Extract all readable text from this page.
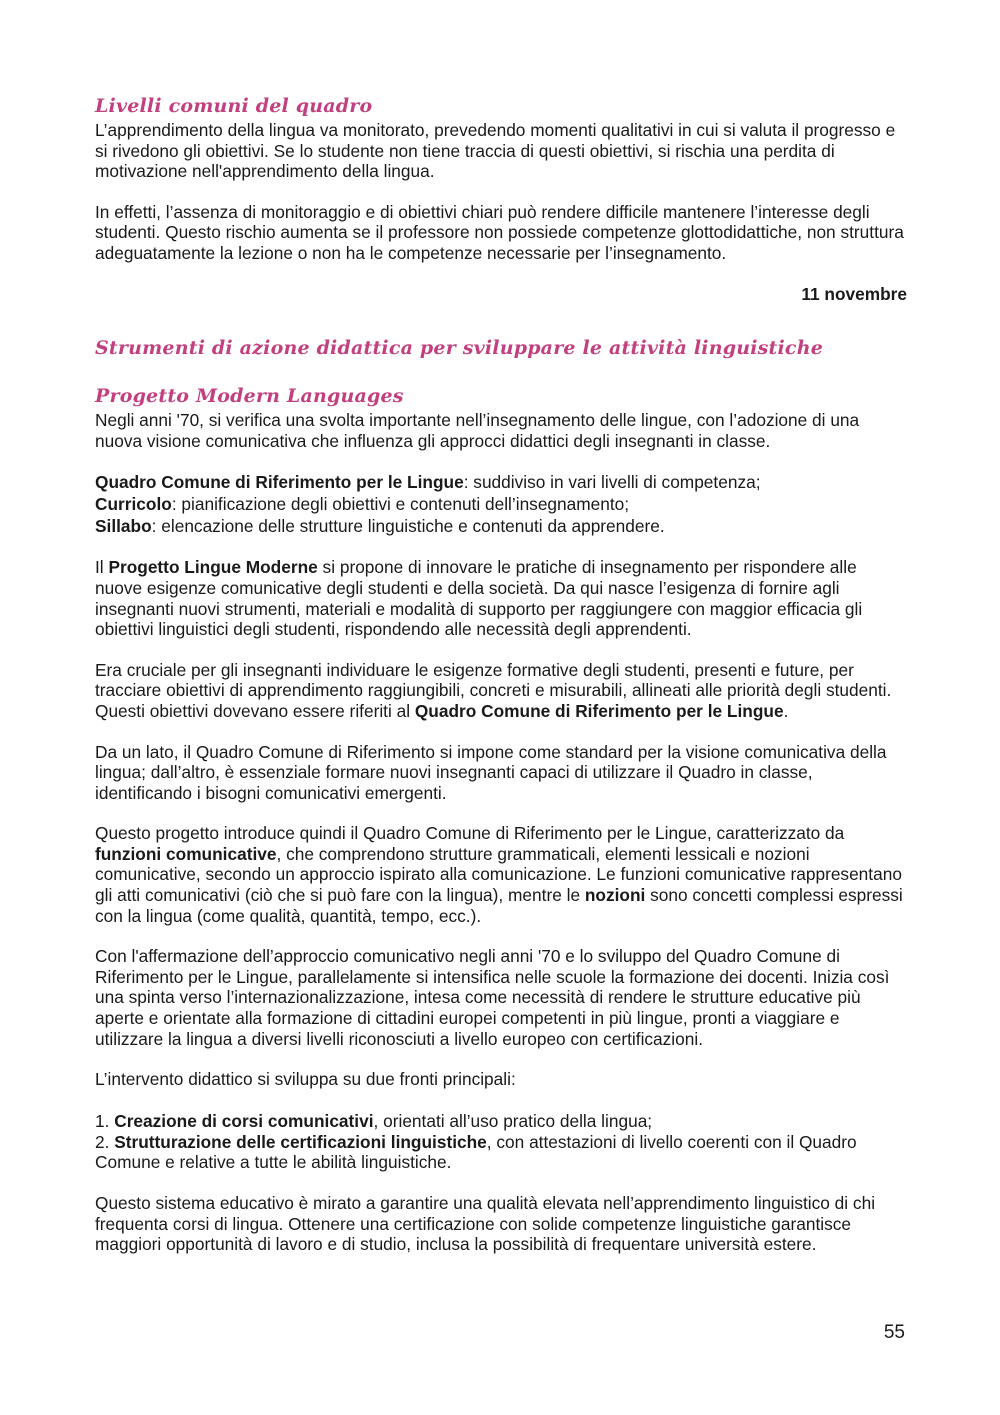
Livelli comuni del quadro

L’apprendimento della lingua va monitorato, prevedendo momenti qualitativi in cui si valuta il progresso e si rivedono gli obiettivi. Se lo studente non tiene traccia di questi obiettivi, si rischia una perdita di motivazione nell'apprendimento della lingua.

In effetti, l’assenza di monitoraggio e di obiettivi chiari può rendere difficile mantenere l’interesse degli studenti. Questo rischio aumenta se il professore non possiede competenze glottodidattiche, non struttura adeguatamente la lezione o non ha le competenze necessarie per l’insegnamento.

11 novembre
Strumenti di azione didattica per sviluppare le attività linguistiche
Progetto Modern Languages

Negli anni '70, si verifica una svolta importante nell’insegnamento delle lingue, con l’adozione di una nuova visione comunicativa che influenza gli approcci didattici degli insegnanti in classe.

Quadro Comune di Riferimento per le Lingue: suddiviso in vari livelli di competenza;

Curricolo: pianificazione degli obiettivi e contenuti dell’insegnamento;

Sillabo: elencazione delle strutture linguistiche e contenuti da apprendere.

Il Progetto Lingue Moderne si propone di innovare le pratiche di insegnamento per rispondere alle nuove esigenze comunicative degli studenti e della società. Da qui nasce l’esigenza di fornire agli insegnanti nuovi strumenti, materiali e modalità di supporto per raggiungere con maggior efficacia gli obiettivi linguistici degli studenti, rispondendo alle necessità degli apprendenti.

Era cruciale per gli insegnanti individuare le esigenze formative degli studenti, presenti e future, per tracciare obiettivi di apprendimento raggiungibili, concreti e misurabili, allineati alle priorità degli studenti. Questi obiettivi dovevano essere riferiti al Quadro Comune di Riferimento per le Lingue.

Da un lato, il Quadro Comune di Riferimento si impone come standard per la visione comunicativa della lingua; dall’altro, è essenziale formare nuovi insegnanti capaci di utilizzare il Quadro in classe, identificando i bisogni comunicativi emergenti.

Questo progetto introduce quindi il Quadro Comune di Riferimento per le Lingue, caratterizzato da funzioni comunicative, che comprendono strutture grammaticali, elementi lessicali e nozioni comunicative, secondo un approccio ispirato alla comunicazione. Le funzioni comunicative rappresentano gli atti comunicativi (ciò che si può fare con la lingua), mentre le nozioni sono concetti complessi espressi con la lingua (come qualità, quantità, tempo, ecc.).

Con l'affermazione dell’approccio comunicativo negli anni '70 e lo sviluppo del Quadro Comune di Riferimento per le Lingue, parallelamente si intensifica nelle scuole la formazione dei docenti. Inizia così una spinta verso l’internazionalizzazione, intesa come necessità di rendere le strutture educative più aperte e orientate alla formazione di cittadini europei competenti in più lingue, pronti a viaggiare e utilizzare la lingua a diversi livelli riconosciuti a livello europeo con certificazioni.

L’intervento didattico si sviluppa su due fronti principali:

1. Creazione di corsi comunicativi, orientati all’uso pratico della lingua;

2. Strutturazione delle certificazioni linguistiche, con attestazioni di livello coerenti con il Quadro Comune e relative a tutte le abilità linguistiche.

Questo sistema educativo è mirato a garantire una qualità elevata nell’apprendimento linguistico di chi frequenta corsi di lingua. Ottenere una certificazione con solide competenze linguistiche garantisce maggiori opportunità di lavoro e di studio, inclusa la possibilità di frequentare università estere.

55
